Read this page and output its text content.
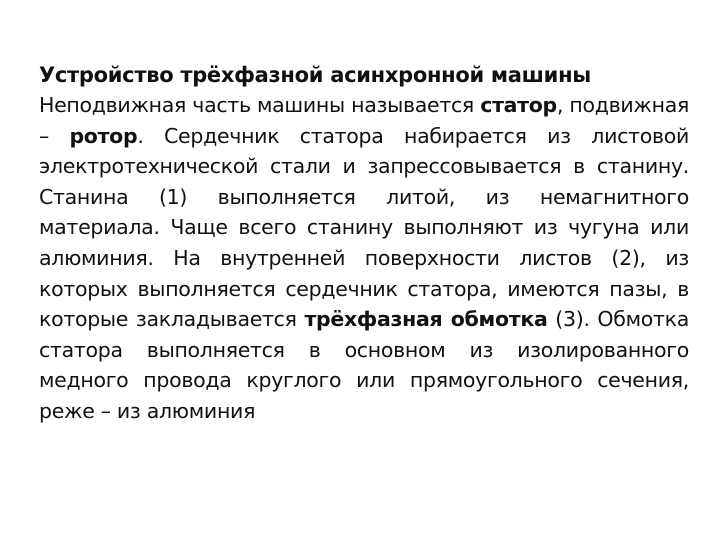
Устройство трёхфазной асинхронной машины

Неподвижная часть машины называется статор, подвижная – ротор. Сердечник статора набирается из листовой электротехнической стали и запрессовывается в станину. Станина (1) выполняется литой, из немагнитного материала. Чаще всего станину выполняют из чугуна или алюминия. На внутренней поверхности листов (2), из которых выполняется сердечник статора, имеются пазы, в которые закладывается трёхфазная обмотка (3). Обмотка статора выполняется в основном из изолированного медного провода круглого или прямоугольного сечения, реже – из алюминия
